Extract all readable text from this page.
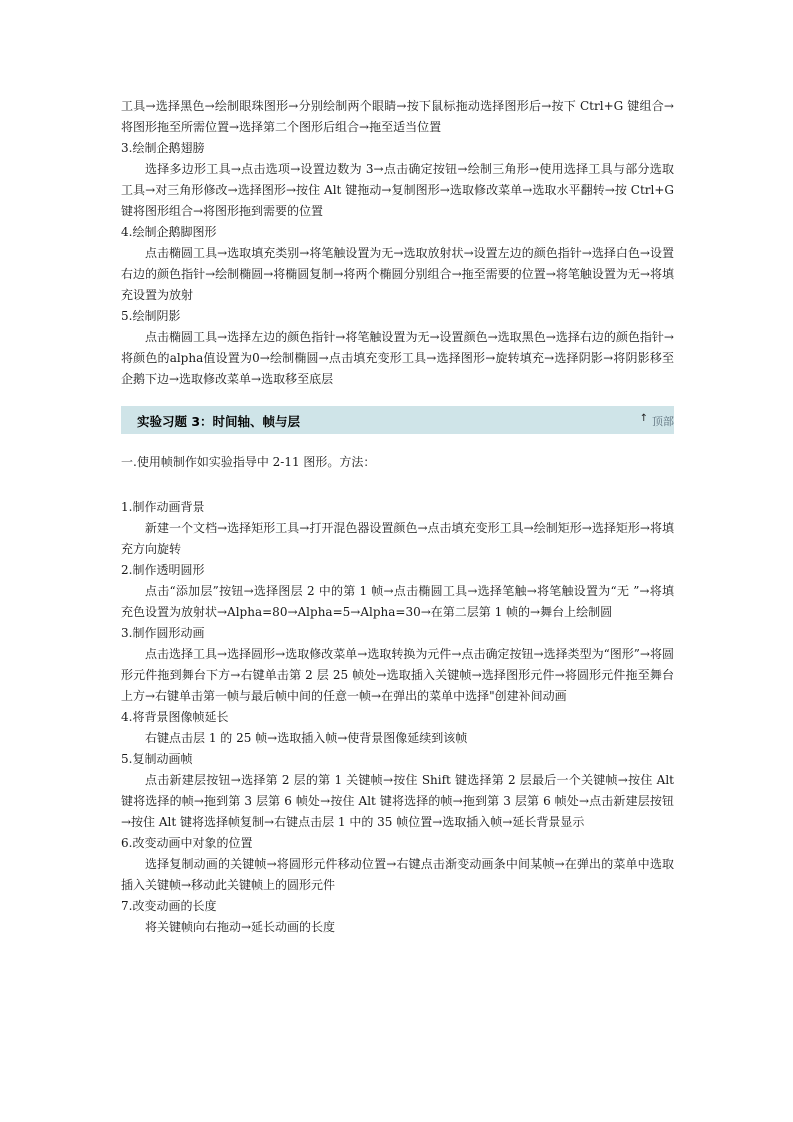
工具→选择黑色→绘制眼珠图形→分别绘制两个眼睛→按下鼠标拖动选择图形后→按下 Ctrl+G 键组合→将图形拖至所需位置→选择第二个图形后组合→拖至适当位置

3.绘制企鹅翅膀

选择多边形工具→点击选项→设置边数为 3→点击确定按钮→绘制三角形→使用选择工具与部分选取工具→对三角形修改→选择图形→按住 Alt 键拖动→复制图形→选取修改菜单→选取水平翻转→按 Ctrl+G 键将图形组合→将图形拖到需要的位置

4.绘制企鹅脚图形

点击椭圆工具→选取填充类别→将笔触设置为无→选取放射状→设置左边的颜色指针→选择白色→设置右边的颜色指针→绘制椭圆→将椭圆复制→将两个椭圆分别组合→拖至需要的位置→将笔触设置为无→将填充设置为放射

5.绘制阴影

点击椭圆工具→选择左边的颜色指针→将笔触设置为无→设置颜色→选取黑色→选择右边的颜色指针→将颜色的alpha值设置为0→绘制椭圆→点击填充变形工具→选择图形→旋转填充→选择阴影→将阴影移至企鹅下边→选取修改菜单→选取移至底层

实验习题 3：时间轴、帧与层	↑ 顶部

一.使用帧制作如实验指导中 2-11 图形。方法：

1.制作动画背景

新建一个文档→选择矩形工具→打开混色器设置颜色→点击填充变形工具→绘制矩形→选择矩形→将填充方向旋转

2.制作透明圆形

点击“添加层”按钮→选择图层 2 中的第 1 帧→点击椭圆工具→选择笔触→将笔触设置为“无 ”→将填充色设置为放射状→Alpha=80→Alpha=5→Alpha=30→在第二层第 1 帧的→舞台上绘制圆

3.制作圆形动画

点击选择工具→选择圆形→选取修改菜单→选取转换为元件→点击确定按钮→选择类型为“图形”→将圆形元件拖到舞台下方→右键单击第 2 层 25 帧处→选取插入关键帧→选择图形元件→将圆形元件拖至舞台上方→右键单击第一帧与最后帧中间的任意一帧→在弹出的菜单中选择"创建补间动画

4.将背景图像帧延长

右键点击层 1 的 25 帧→选取插入帧→使背景图像延续到该帧

5.复制动画帧

点击新建层按钮→选择第 2 层的第 1 关键帧→按住 Shift 键选择第 2 层最后一个关键帧→按住 Alt 键将选择的帧→拖到第 3 层第 6 帧处→按住 Alt 键将选择的帧→拖到第 3 层第 6 帧处→点击新建层按钮→按住 Alt 键将选择帧复制→右键点击层 1 中的 35 帧位置→选取插入帧→延长背景显示

6.改变动画中对象的位置

选择复制动画的关键帧→将圆形元件移动位置→右键点击渐变动画条中间某帧→在弹出的菜单中选取插入关键帧→移动此关键帧上的圆形元件

7.改变动画的长度

将关键帧向右拖动→延长动画的长度
